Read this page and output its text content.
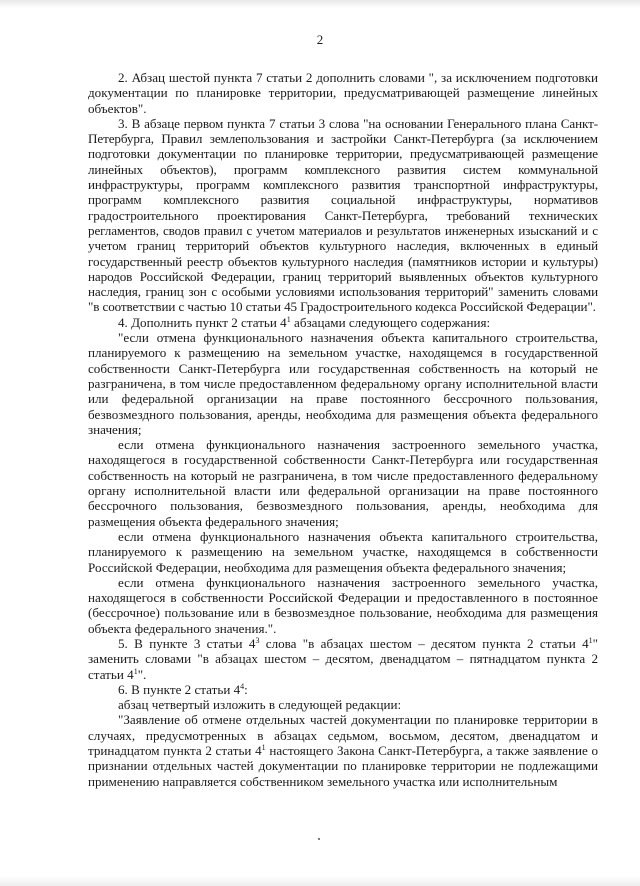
2

2. Абзац шестой пункта 7 статьи 2 дополнить словами ", за исключением подготовки документации по планировке территории, предусматривающей размещение линейных объектов".

3. В абзаце первом пункта 7 статьи 3 слова "на основании Генерального плана Санкт-Петербурга, Правил землепользования и застройки Санкт-Петербурга (за исключением подготовки документации по планировке территории, предусматривающей размещение линейных объектов), программ комплексного развития систем коммунальной инфраструктуры, программ комплексного развития транспортной инфраструктуры, программ комплексного развития социальной инфраструктуры, нормативов градостроительного проектирования Санкт-Петербурга, требований технических регламентов, сводов правил с учетом материалов и результатов инженерных изысканий и с учетом границ территорий объектов культурного наследия, включенных в единый государственный реестр объектов культурного наследия (памятников истории и культуры) народов Российской Федерации, границ территорий выявленных объектов культурного наследия, границ зон с особыми условиями использования территорий" заменить словами "в соответствии с частью 10 статьи 45 Градостроительного кодекса Российской Федерации".

4. Дополнить пункт 2 статьи $4^1$ абзацами следующего содержания:

"если отмена функционального назначения объекта капитального строительства, планируемого к размещению на земельном участке, находящемся в государственной собственности Санкт-Петербурга или государственная собственность на который не разграничена, в том числе предоставленном федеральному органу исполнительной власти или федеральной организации на праве постоянного бессрочного пользования, безвозмездного пользования, аренды, необходима для размещения объекта федерального значения;

если отмена функционального назначения застроенного земельного участка, находящегося в государственной собственности Санкт-Петербурга или государственная собственность на который не разграничена, в том числе предоставленного федеральному органу исполнительной власти или федеральной организации на праве постоянного бессрочного пользования, безвозмездного пользования, аренды, необходима для размещения объекта федерального значения;

если отмена функционального назначения объекта капитального строительства, планируемого к размещению на земельном участке, находящемся в собственности Российской Федерации, необходима для размещения объекта федерального значения;

если отмена функционального назначения застроенного земельного участка, находящегося в собственности Российской Федерации и предоставленного в постоянное (бессрочное) пользование или в безвозмездное пользование, необходима для размещения объекта федерального значения.".

5. В пункте 3 статьи $4^3$ слова "в абзацах шестом – десятом пункта 2 статьи $4^1$" заменить словами "в абзацах шестом – десятом, двенадцатом – пятнадцатом пункта 2 статьи $4^1$".

6. В пункте 2 статьи $4^4$:

абзац четвертый изложить в следующей редакции:

"Заявление об отмене отдельных частей документации по планировке территории в случаях, предусмотренных в абзацах седьмом, восьмом, десятом, двенадцатом и тринадцатом пункта 2 статьи $4^1$ настоящего Закона Санкт-Петербурга, а также заявление о признании отдельных частей документации по планировке территории не подлежащими применению направляется собственником земельного участка или исполнительным
